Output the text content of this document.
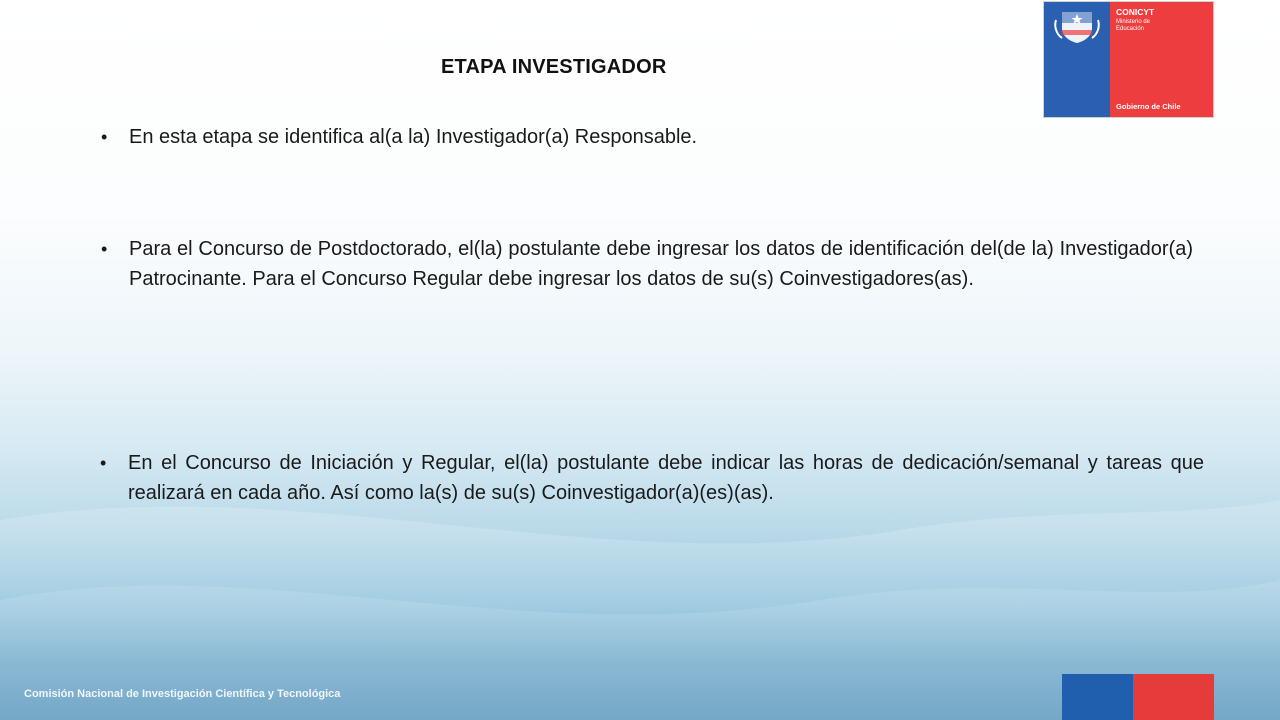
ETAPA INVESTIGADOR
• En esta etapa se identifica al(a la) Investigador(a) Responsable.
• Para el Concurso de Postdoctorado, el(la) postulante debe ingresar los datos de identificación del(de la) Investigador(a) Patrocinante. Para el Concurso Regular debe ingresar los datos de su(s) Coinvestigadores(as).
• En el Concurso de Iniciación y Regular, el(la) postulante debe indicar las horas de dedicación/semanal y tareas que realizará en cada año. Así como la(s) de su(s) Coinvestigador(a)(es)(as).
CONICYT
Ministerio de
Educación
Gobierno de Chile
Comisión Nacional de Investigación Científica y Tecnológica
